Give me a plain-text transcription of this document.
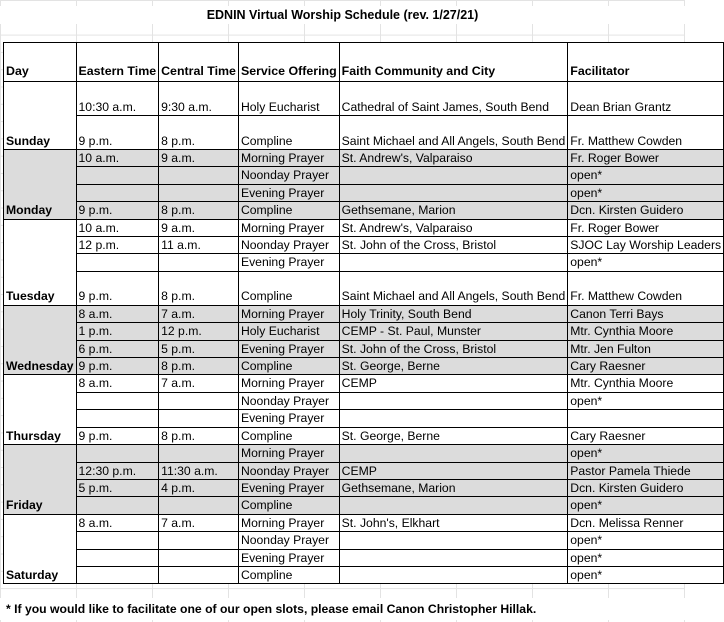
EDNIN Virtual Worship Schedule (rev. 1/27/21)
Day	Eastern Time	Central Time	Service Offering	Faith Community and City	Facilitator
Sunday	10:30 a.m.	9:30 a.m.	Holy Eucharist	Cathedral of Saint James, South Bend	Dean Brian Grantz
	9 p.m.	8 p.m.	Compline	Saint Michael and All Angels, South Bend	Fr. Matthew Cowden
Monday	10 a.m.	9 a.m.	Morning Prayer	St. Andrew's, Valparaiso	Fr. Roger Bower
			Noonday Prayer		open*
			Evening Prayer		open*
	9 p.m.	8 p.m.	Compline	Gethsemane, Marion	Dcn. Kirsten Guidero
Tuesday	10 a.m.	9 a.m.	Morning Prayer	St. Andrew's, Valparaiso	Fr. Roger Bower
	12 p.m.	11 a.m.	Noonday Prayer	St. John of the Cross, Bristol	SJOC Lay Worship Leaders
			Evening Prayer		open*
	9 p.m.	8 p.m.	Compline	Saint Michael and All Angels, South Bend	Fr. Matthew Cowden
Wednesday	8 a.m.	7 a.m.	Morning Prayer	Holy Trinity, South Bend	Canon Terri Bays
	1 p.m.	12 p.m.	Holy Eucharist	CEMP - St. Paul, Munster	Mtr. Cynthia Moore
	6 p.m.	5 p.m.	Evening Prayer	St. John of the Cross, Bristol	Mtr. Jen Fulton
	9 p.m.	8 p.m.	Compline	St. George, Berne	Cary Raesner
Thursday	8 a.m.	7 a.m.	Morning Prayer	CEMP	Mtr. Cynthia Moore
			Noonday Prayer		open*
			Evening Prayer		
	9 p.m.	8 p.m.	Compline	St. George, Berne	Cary Raesner
Friday			Morning Prayer		open*
	12:30 p.m.	11:30 a.m.	Noonday Prayer	CEMP	Pastor Pamela Thiede
	5 p.m.	4 p.m.	Evening Prayer	Gethsemane, Marion	Dcn. Kirsten Guidero
			Compline		open*
Saturday	8 a.m.	7 a.m.	Morning Prayer	St. John's, Elkhart	Dcn. Melissa Renner
			Noonday Prayer		open*
			Evening Prayer		open*
			Compline		open*
* If you would like to facilitate one of our open slots, please email Canon Christopher Hillak.
